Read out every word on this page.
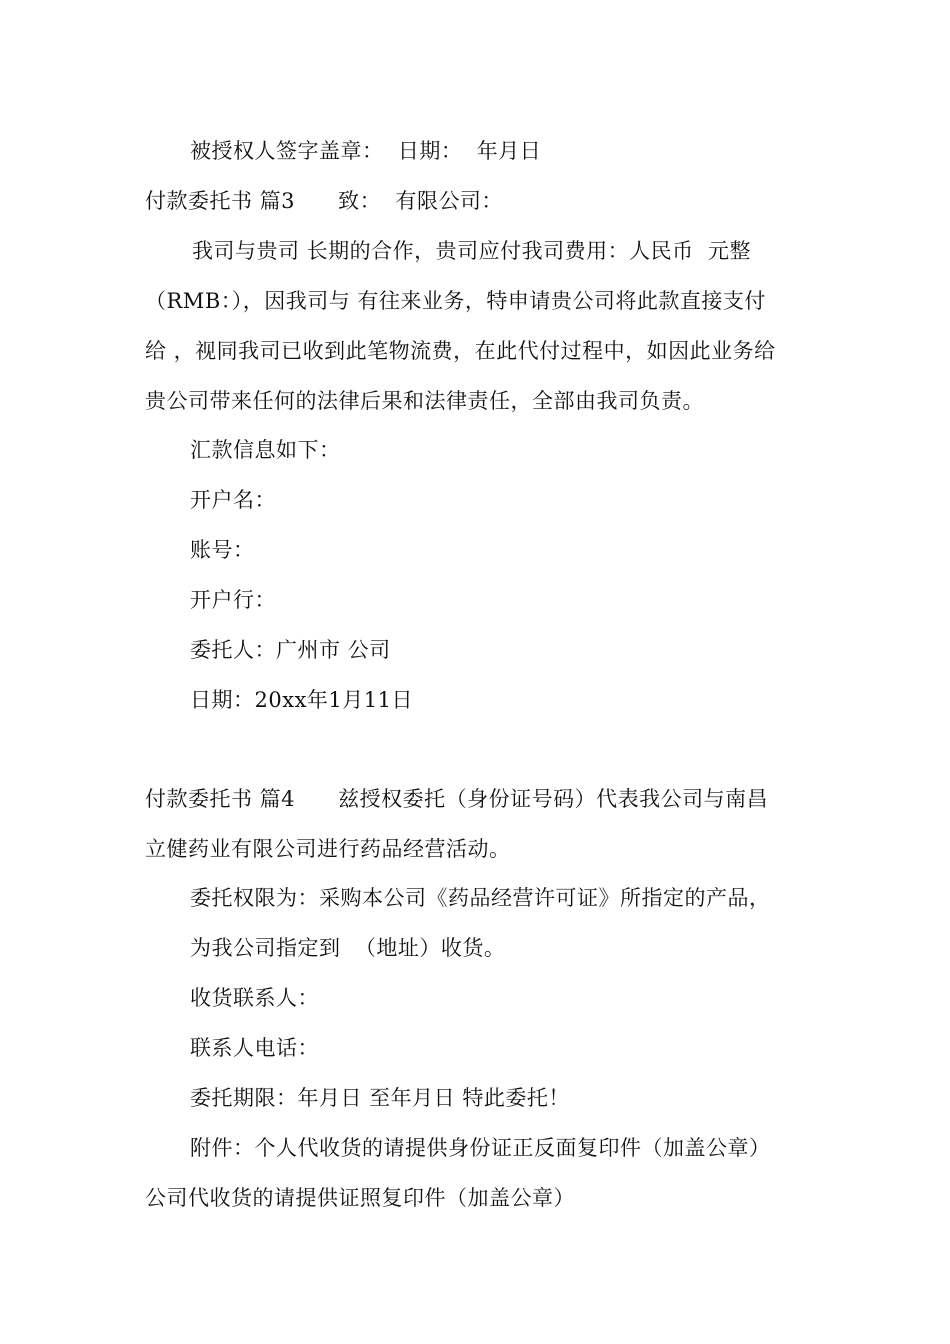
被授权人签字盖章：  日期：  年月日
付款委托书 篇3      致：  有限公司：
我司与贵司 长期的合作，贵司应付我司费用：人民币  元整
（RMB：），因我司与 有往来业务，特申请贵公司将此款直接支付
给 ，视同我司已收到此笔物流费，在此代付过程中，如因此业务给
贵公司带来任何的法律后果和法律责任，全部由我司负责。
汇款信息如下：
开户名：
账号：
开户行：
委托人：广州市 公司
日期：20xx年1月11日
付款委托书 篇4      兹授权委托（身份证号码）代表我公司与南昌
立健药业有限公司进行药品经营活动。
委托权限为：采购本公司《药品经营许可证》所指定的产品，
为我公司指定到  （地址）收货。
收货联系人：
联系人电话：
委托期限：年月日 至年月日 特此委托！
附件：个人代收货的请提供身份证正反面复印件（加盖公章）
公司代收货的请提供证照复印件（加盖公章）
